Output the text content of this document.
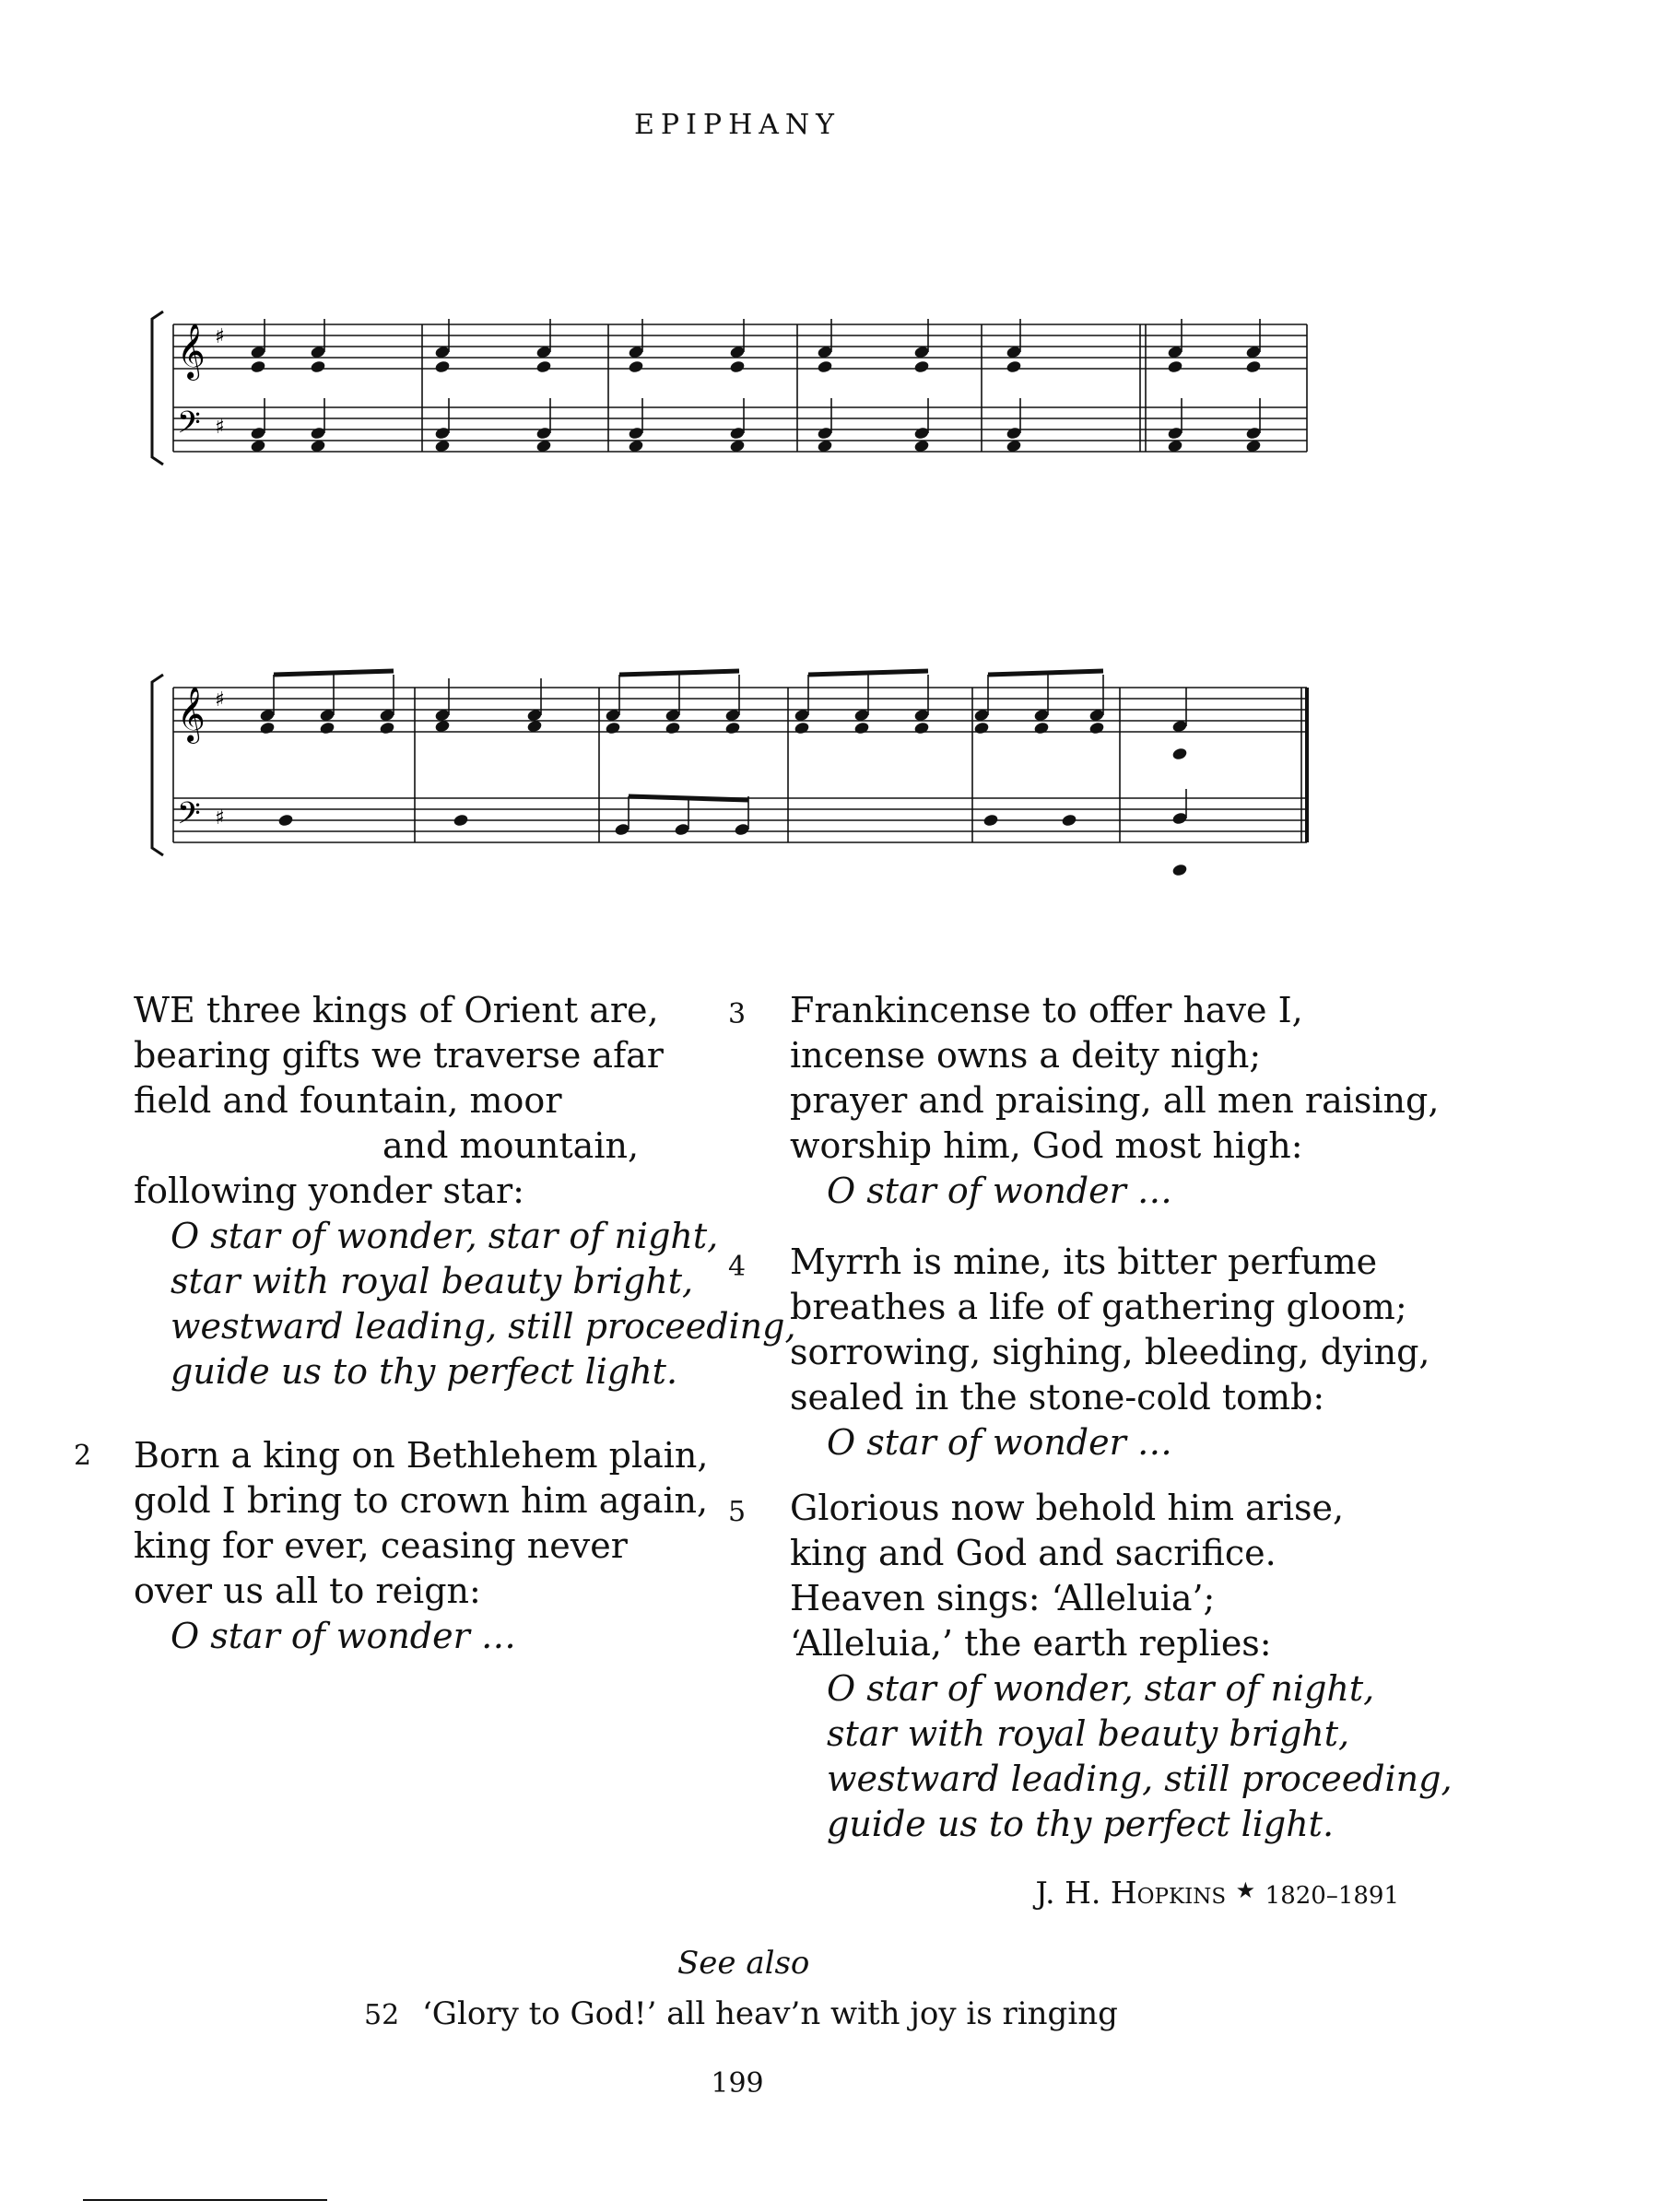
EPIPHANY
𝄞
𝄢
♯
♯
𝄞
𝄢
♯
♯
WE three kings of Orient are,
bearing gifts we traverse afar
field and fountain, moor
and mountain,
following yonder star:
O star of wonder, star of night,
star with royal beauty bright,
westward leading, still proceeding,
guide us to thy perfect light.
2 Born a king on Bethlehem plain,
gold I bring to crown him again,
king for ever, ceasing never
over us all to reign:
O star of wonder …
3 Frankincense to offer have I,
incense owns a deity nigh;
prayer and praising, all men raising,
worship him, God most high:
O star of wonder …
4 Myrrh is mine, its bitter perfume
breathes a life of gathering gloom;
sorrowing, sighing, bleeding, dying,
sealed in the stone-cold tomb:
O star of wonder …
5 Glorious now behold him arise,
king and God and sacrifice.
Heaven sings: ‘Alleluia’;
‘Alleluia,’ the earth replies:
O star of wonder, star of night,
star with royal beauty bright,
westward leading, still proceeding,
guide us to thy perfect light.
J. H. Hopkins ★ 1820–1891
See also
52 ‘Glory to God!’ all heav’n with joy is ringing
199
